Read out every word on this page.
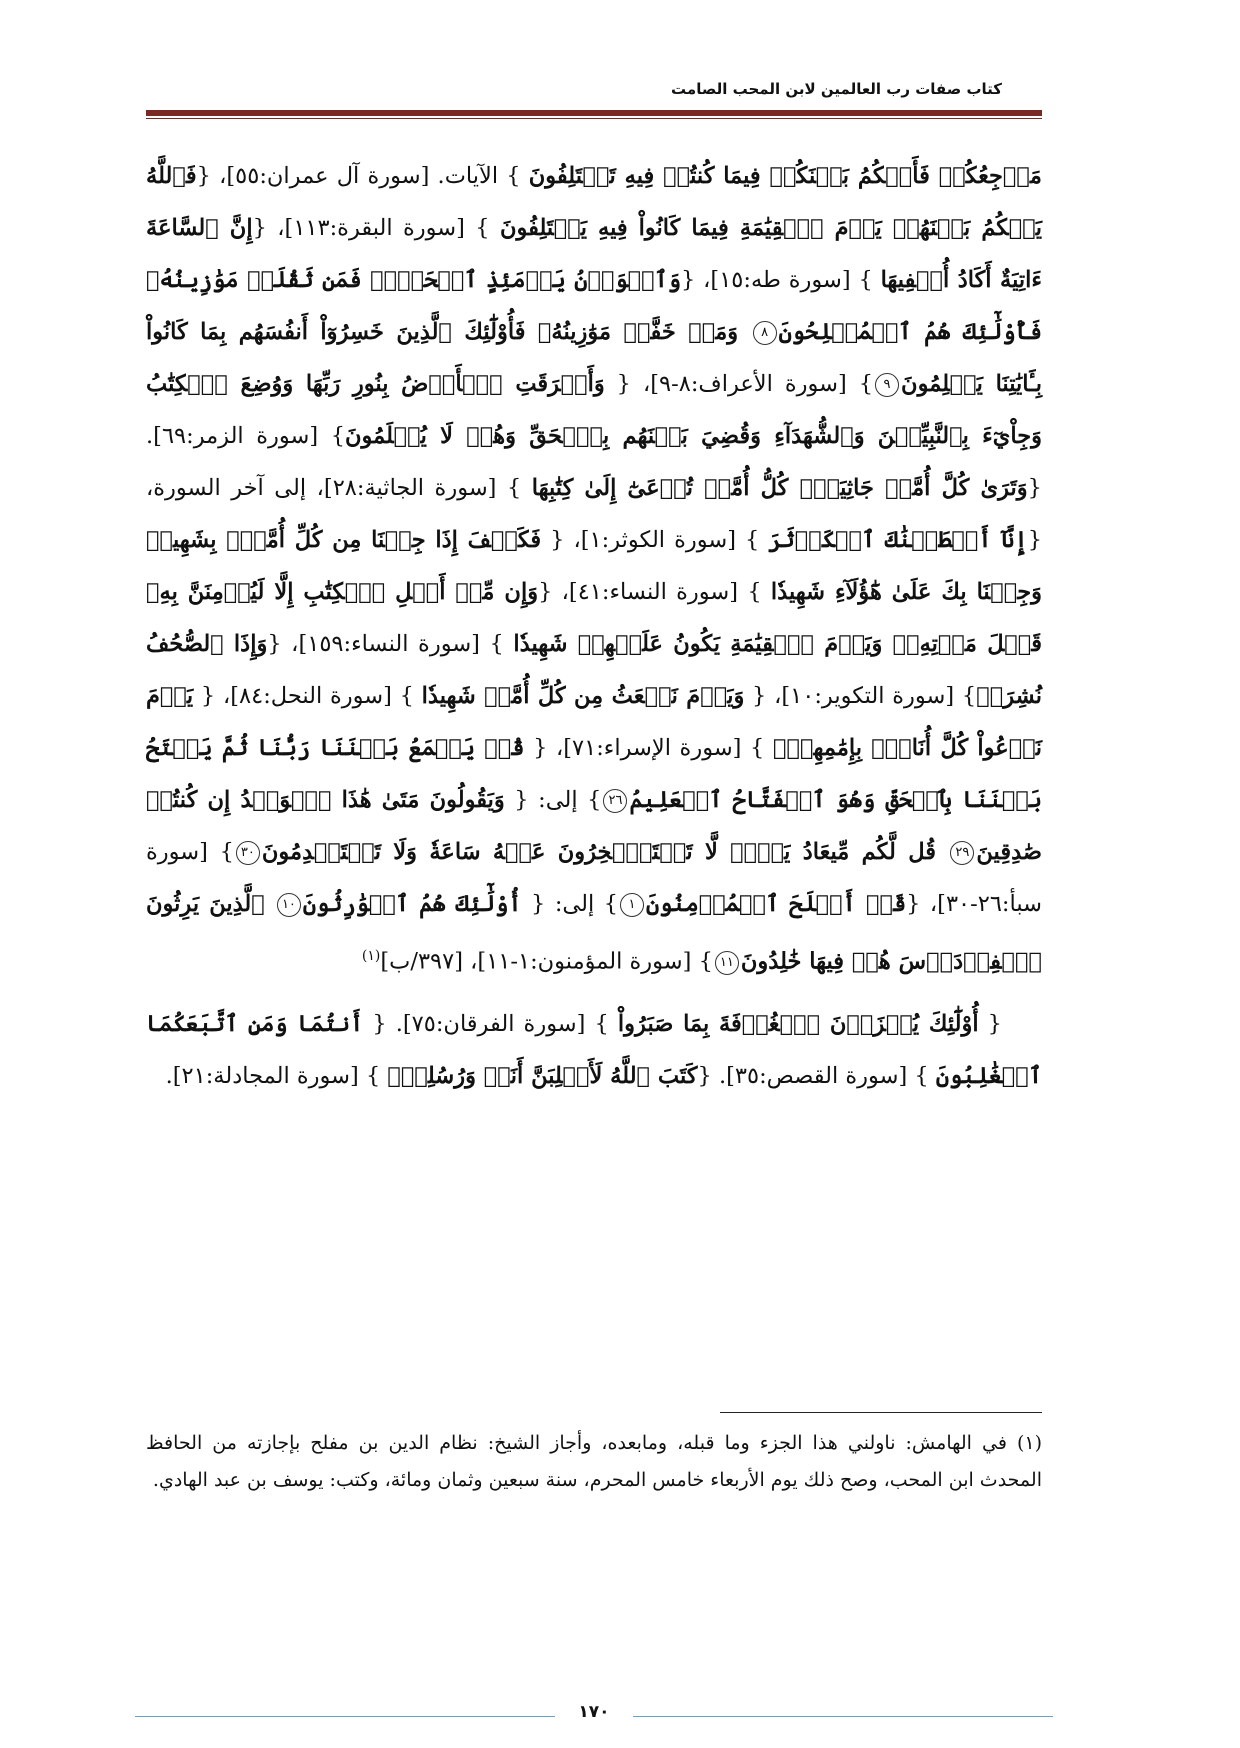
كتاب صفات رب العالمين لابن المحب الصامت

مَرۡجِعُكُمۡ فَأَحۡكُمُ بَيۡنَكُمۡ فِيمَا كُنتُمۡ فِيهِ تَخۡتَلِفُونَ } الآيات. [سورة آل عمران:٥٥]، {فَٱللَّهُ يَحۡكُمُ بَيۡنَهُمۡ يَوۡمَ ٱلۡقِيَٰمَةِ فِيمَا كَانُواْ فِيهِ يَخۡتَلِفُونَ } [سورة البقرة:١١٣]، {إِنَّ ٱلسَّاعَةَ ءَاتِيَةٌ أَكَادُ أُخۡفِيهَا } [سورة طه:١٥]، {وَٱلۡوَزۡنُ يَوۡمَئِذٍ ٱلۡحَقُّۚ فَمَن ثَقُلَتۡ مَوَٰزِينُهُۥ فَأُوْلَٰٓئِكَ هُمُ ٱلۡمُفۡلِحُونَ٨ وَمَنۡ خَفَّتۡ مَوَٰزِينُهُۥ فَأُوْلَٰٓئِكَ ٱلَّذِينَ خَسِرُوٓاْ أَنفُسَهُم بِمَا كَانُواْ بِـَٔايَٰتِنَا يَظۡلِمُونَ٩} [سورة الأعراف:٨-٩]، { وَأَشۡرَقَتِ ٱلۡأَرۡضُ بِنُورِ رَبِّهَا وَوُضِعَ ٱلۡكِتَٰبُ وَجِاْيٓءَ بِٱلنَّبِيِّـۧنَ وَٱلشُّهَدَآءِ وَقُضِيَ بَيۡنَهُم بِٱلۡحَقِّ وَهُمۡ لَا يُظۡلَمُونَ} [سورة الزمر:٦٩]. {وَتَرَىٰ كُلَّ أُمَّةٖ جَاثِيَةٗۚ كُلُّ أُمَّةٖ تُدۡعَىٰٓ إِلَىٰ كِتَٰبِهَا } [سورة الجاثية:٢٨]، إلى آخر السورة، {إِنَّآ أَعۡطَيۡنَٰكَ ٱلۡكَوۡثَرَ } [سورة الكوثر:١]، { فَكَيۡفَ إِذَا جِئۡنَا مِن كُلِّ أُمَّةِۭ بِشَهِيدٖ وَجِئۡنَا بِكَ عَلَىٰ هَٰٓؤُلَآءِ شَهِيدٗا } [سورة النساء:٤١]، {وَإِن مِّنۡ أَهۡلِ ٱلۡكِتَٰبِ إِلَّا لَيُؤۡمِنَنَّ بِهِۦ قَبۡلَ مَوۡتِهِۦۖ وَيَوۡمَ ٱلۡقِيَٰمَةِ يَكُونُ عَلَيۡهِمۡ شَهِيدٗا } [سورة النساء:١٥٩]، {وَإِذَا ٱلصُّحُفُ نُشِرَتۡ} [سورة التكوير:١٠]، { وَيَوۡمَ نَبۡعَثُ مِن كُلِّ أُمَّةٖ شَهِيدٗا } [سورة النحل:٨٤]، { يَوۡمَ نَدۡعُواْ كُلَّ أُنَاسِۭ بِإِمَٰمِهِمۡۖ } [سورة الإسراء:٧١]، { قُلۡ يَجۡمَعُ بَيۡنَنَا رَبُّنَا ثُمَّ يَفۡتَحُ بَيۡنَنَا بِٱلۡحَقِّ وَهُوَ ٱلۡفَتَّاحُ ٱلۡعَلِيمُ٢٦} إلى: { وَيَقُولُونَ مَتَىٰ هَٰذَا ٱلۡوَعۡدُ إِن كُنتُمۡ صَٰدِقِينَ٢٩ قُل لَّكُم مِّيعَادُ يَوۡمٖ لَّا تَسۡتَـٔۡخِرُونَ عَنۡهُ سَاعَةٗ وَلَا تَسۡتَقۡدِمُونَ٣٠} [سورة سبأ:٢٦-٣٠]، {قَدۡ أَفۡلَحَ ٱلۡمُؤۡمِنُونَ١} إلى: { أُوْلَٰٓئِكَ هُمُ ٱلۡوَٰرِثُونَ١٠ ٱلَّذِينَ يَرِثُونَ ٱلۡفِرۡدَوۡسَ هُمۡ فِيهَا خَٰلِدُونَ١١} [سورة المؤمنون:١-١١]، [٣٩٧/ب]$^{(١)}$

{ أُوْلَٰٓئِكَ يُجۡزَوۡنَ ٱلۡغُرۡفَةَ بِمَا صَبَرُواْ } [سورة الفرقان:٧٥]. { أَنتُمَا وَمَنِ ٱتَّبَعَكُمَا ٱلۡغَٰلِبُونَ } [سورة القصص:٣٥]. {كَتَبَ ٱللَّهُ لَأَغۡلِبَنَّ أَنَا۠ وَرُسُلِيٓۚ } [سورة المجادلة:٢١].

(١) في الهامش: ناولني هذا الجزء وما قبله، ومابعده، وأجاز الشيخ: نظام الدين بن مفلح بإجازته من الحافظ المحدث ابن المحب، وصح ذلك يوم الأربعاء خامس المحرم، سنة سبعين وثمان ومائة، وكتب: يوسف بن عبد الهادي.
١٧٠
